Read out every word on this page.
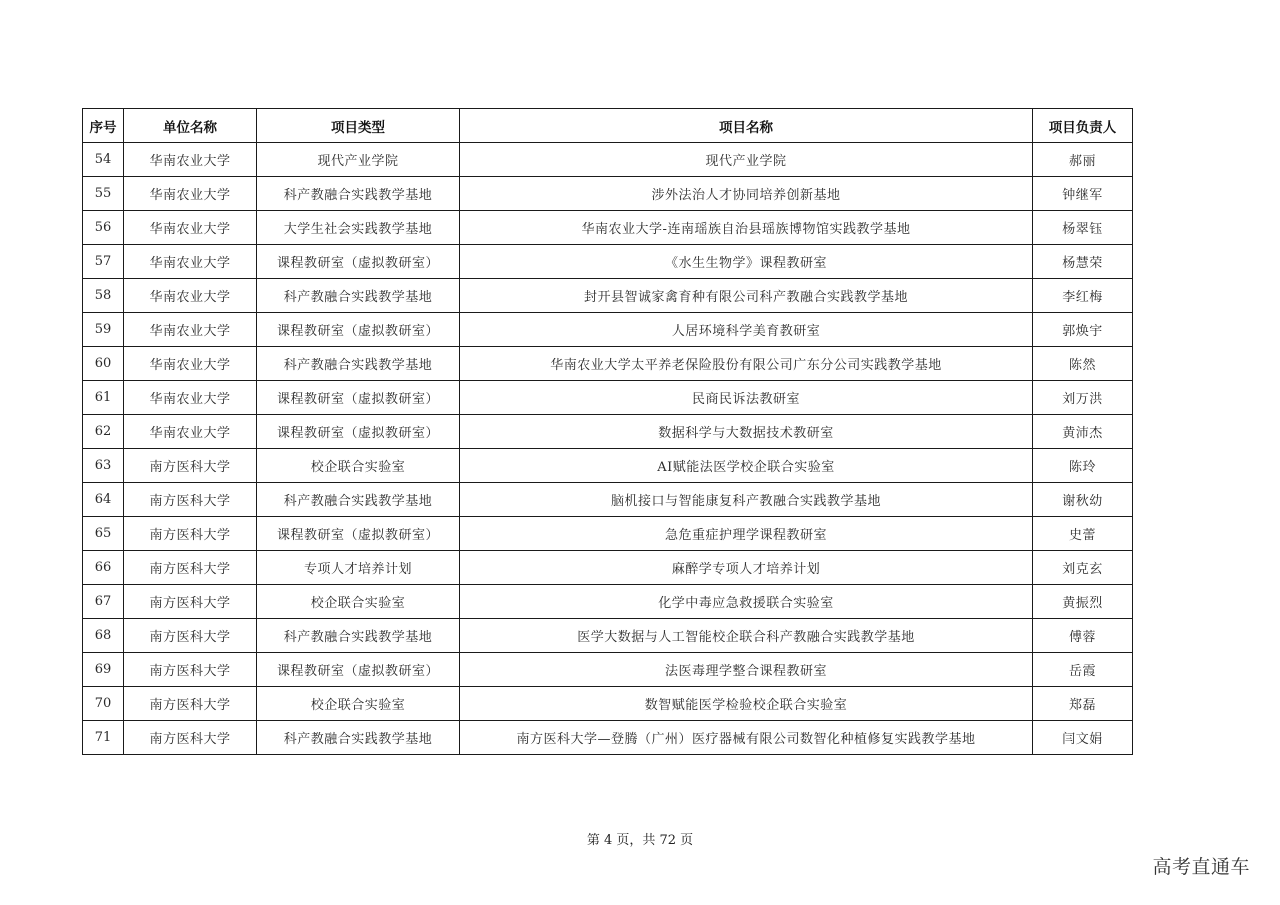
序号	单位名称	项目类型	项目名称	项目负责人
54	华南农业大学	现代产业学院	现代产业学院	郝丽
55	华南农业大学	科产教融合实践教学基地	涉外法治人才协同培养创新基地	钟继军
56	华南农业大学	大学生社会实践教学基地	华南农业大学-连南瑶族自治县瑶族博物馆实践教学基地	杨翠钰
57	华南农业大学	课程教研室（虚拟教研室）	《水生生物学》课程教研室	杨慧荣
58	华南农业大学	科产教融合实践教学基地	封开县智诚家禽育种有限公司科产教融合实践教学基地	李红梅
59	华南农业大学	课程教研室（虚拟教研室）	人居环境科学美育教研室	郭焕宇
60	华南农业大学	科产教融合实践教学基地	华南农业大学太平养老保险股份有限公司广东分公司实践教学基地	陈然
61	华南农业大学	课程教研室（虚拟教研室）	民商民诉法教研室	刘万洪
62	华南农业大学	课程教研室（虚拟教研室）	数据科学与大数据技术教研室	黄沛杰
63	南方医科大学	校企联合实验室	AI赋能法医学校企联合实验室	陈玲
64	南方医科大学	科产教融合实践教学基地	脑机接口与智能康复科产教融合实践教学基地	谢秋幼
65	南方医科大学	课程教研室（虚拟教研室）	急危重症护理学课程教研室	史蕾
66	南方医科大学	专项人才培养计划	麻醉学专项人才培养计划	刘克玄
67	南方医科大学	校企联合实验室	化学中毒应急救援联合实验室	黄振烈
68	南方医科大学	科产教融合实践教学基地	医学大数据与人工智能校企联合科产教融合实践教学基地	傅蓉
69	南方医科大学	课程教研室（虚拟教研室）	法医毒理学整合课程教研室	岳霞
70	南方医科大学	校企联合实验室	数智赋能医学检验校企联合实验室	郑磊
71	南方医科大学	科产教融合实践教学基地	南方医科大学—登腾（广州）医疗器械有限公司数智化种植修复实践教学基地	闫文娟
第 4 页，共 72 页
高考直通车
